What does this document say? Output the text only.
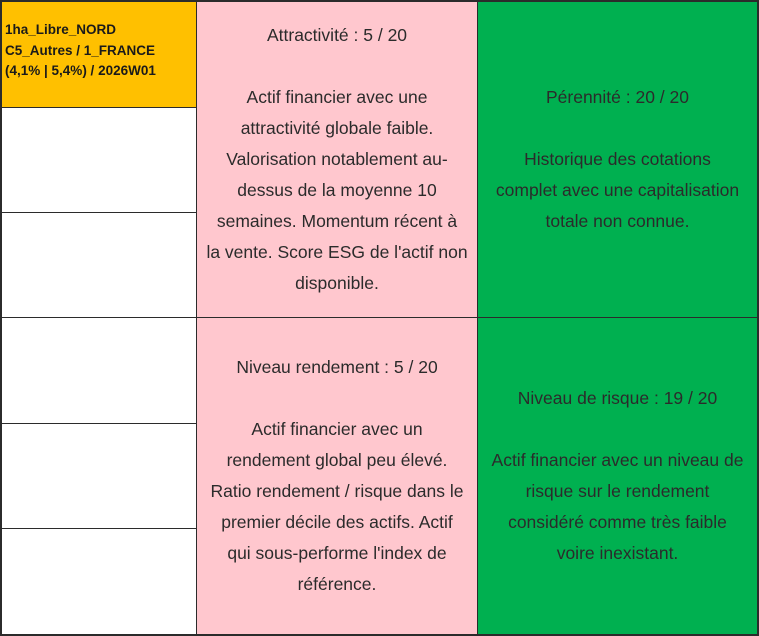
1ha_Libre_NORD
C5_Autres / 1_FRANCE
(4,1% | 5,4%) / 2026W01
Attractivité : 5 / 20
Actif financier avec une
attractivité globale faible.
Valorisation notablement au-
dessus de la moyenne 10
semaines. Momentum récent à
la vente. Score ESG de l'actif non
disponible.
Pérennité : 20 / 20
Historique des cotations
complet avec une capitalisation
totale non connue.
Niveau rendement : 5 / 20
Actif financier avec un
rendement global peu élevé.
Ratio rendement / risque dans le
premier décile des actifs. Actif
qui sous-performe l'index de
référence.
Niveau de risque : 19 / 20
Actif financier avec un niveau de
risque sur le rendement
considéré comme très faible
voire inexistant.
